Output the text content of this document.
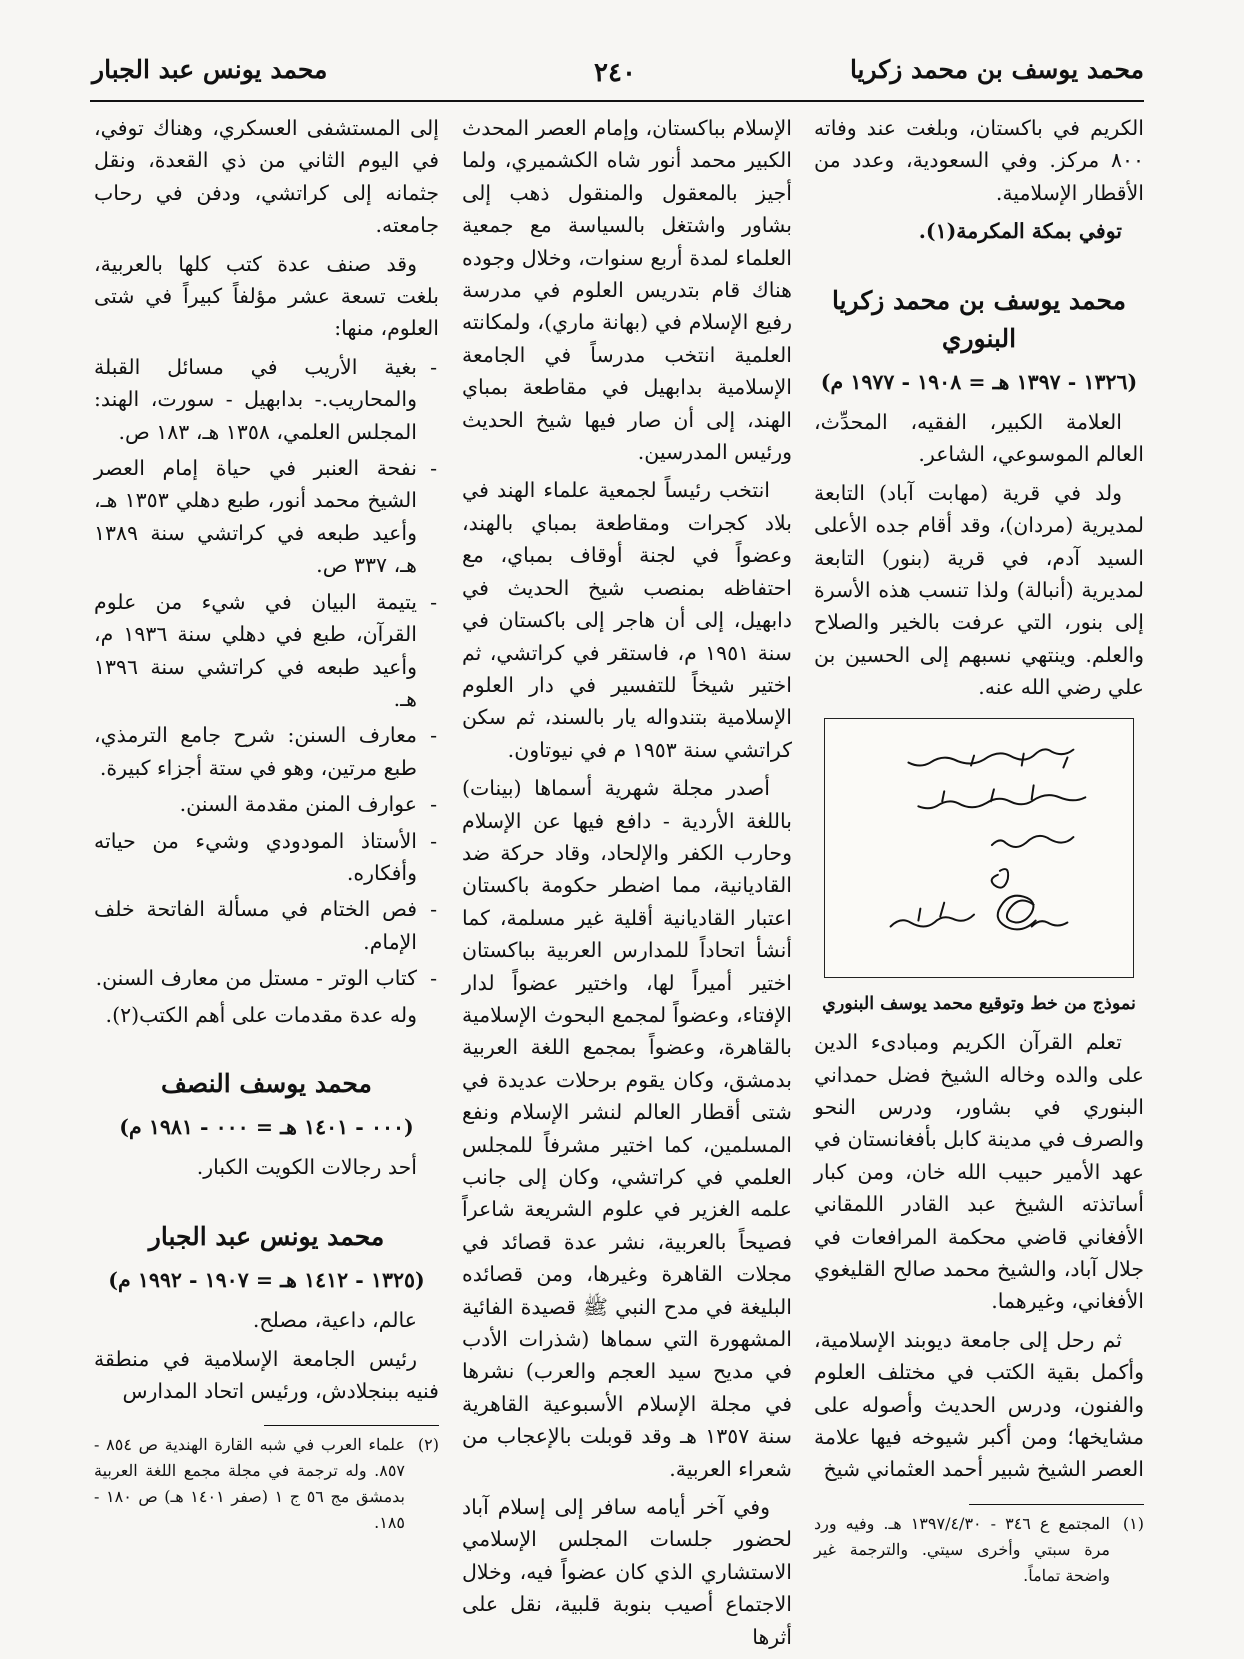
محمد يوسف بن محمد زكريا
٢٤٠
محمد يونس عبد الجبار

الكريم في باكستان، وبلغت عند وفاته ٨٠٠ مركز. وفي السعودية، وعدد من الأقطار الإسلامية.

توفي بمكة المكرمة(١).

محمد يوسف بن محمد زكريا البنوري
(١٣٢٦ - ١٣٩٧ هـ = ١٩٠٨ - ١٩٧٧ م)

العلامة الكبير، الفقيه، المحدِّث، العالم الموسوعي، الشاعر.

ولد في قرية (مهابت آباد) التابعة لمديرية (مردان)، وقد أقام جده الأعلى السيد آدم، في قرية (بنور) التابعة لمديرية (أنبالة) ولذا تنسب هذه الأسرة إلى بنور، التي عرفت بالخير والصلاح والعلم. وينتهي نسبهم إلى الحسين بن علي رضي الله عنه.

نموذج من خط وتوقيع محمد يوسف البنوري

تعلم القرآن الكريم ومبادىء الدين على والده وخاله الشيخ فضل حمداني البنوري في بشاور، ودرس النحو والصرف في مدينة كابل بأفغانستان في عهد الأمير حبيب الله خان، ومن كبار أساتذته الشيخ عبد القادر اللمقاني الأفغاني قاضي محكمة المرافعات في جلال آباد، والشيخ محمد صالح القليغوي الأفغاني، وغيرهما.

ثم رحل إلى جامعة ديوبند الإسلامية، وأكمل بقية الكتب في مختلف العلوم والفنون، ودرس الحديث وأصوله على مشايخها؛ ومن أكبر شيوخه فيها علامة العصر الشيخ شبير أحمد العثماني شيخ

(١)
المجتمع ع ٣٤٦ - ١٣٩٧/٤/٣٠ هـ. وفيه ورد مرة سبتي وأخرى سيتي. والترجمة غير واضحة تماماً.

الإسلام بباكستان، وإمام العصر المحدث الكبير محمد أنور شاه الكشميري، ولما أجيز بالمعقول والمنقول ذهب إلى بشاور واشتغل بالسياسة مع جمعية العلماء لمدة أربع سنوات، وخلال وجوده هناك قام بتدريس العلوم في مدرسة رفيع الإسلام في (بهانة ماري)، ولمكانته العلمية انتخب مدرساً في الجامعة الإسلامية بدابهيل في مقاطعة بمباي الهند، إلى أن صار فيها شيخ الحديث ورئيس المدرسين.

انتخب رئيساً لجمعية علماء الهند في بلاد كجرات ومقاطعة بمباي بالهند، وعضواً في لجنة أوقاف بمباي، مع احتفاظه بمنصب شيخ الحديث في دابهيل، إلى أن هاجر إلى باكستان في سنة ١٩٥١ م، فاستقر في كراتشي، ثم اختير شيخاً للتفسير في دار العلوم الإسلامية بتندواله يار بالسند، ثم سكن كراتشي سنة ١٩٥٣ م في نيوتاون.

أصدر مجلة شهرية أسماها (بينات) باللغة الأردية - دافع فيها عن الإسلام وحارب الكفر والإلحاد، وقاد حركة ضد القاديانية، مما اضطر حكومة باكستان اعتبار القاديانية أقلية غير مسلمة، كما أنشأ اتحاداً للمدارس العربية بباكستان اختير أميراً لها، واختير عضواً لدار الإفتاء، وعضواً لمجمع البحوث الإسلامية بالقاهرة، وعضواً بمجمع اللغة العربية بدمشق، وكان يقوم برحلات عديدة في شتى أقطار العالم لنشر الإسلام ونفع المسلمين، كما اختير مشرفاً للمجلس العلمي في كراتشي، وكان إلى جانب علمه الغزير في علوم الشريعة شاعراً فصيحاً بالعربية، نشر عدة قصائد في مجلات القاهرة وغيرها، ومن قصائده البليغة في مدح النبي ﷺ قصيدة الفائية المشهورة التي سماها (شذرات الأدب في مديح سيد العجم والعرب) نشرها في مجلة الإسلام الأسبوعية القاهرية سنة ١٣٥٧ هـ وقد قوبلت بالإعجاب من شعراء العربية.

وفي آخر أيامه سافر إلى إسلام آباد لحضور جلسات المجلس الإسلامي الاستشاري الذي كان عضواً فيه، وخلال الاجتماع أصيب بنوبة قلبية، نقل على أثرها

إلى المستشفى العسكري، وهناك توفي، في اليوم الثاني من ذي القعدة، ونقل جثمانه إلى كراتشي، ودفن في رحاب جامعته.

وقد صنف عدة كتب كلها بالعربية، بلغت تسعة عشر مؤلفاً كبيراً في شتى العلوم، منها:

- بغية الأريب في مسائل القبلة والمحاريب.- بدابهيل - سورت، الهند: المجلس العلمي، ١٣٥٨ هـ، ١٨٣ ص.
- نفحة العنبر في حياة إمام العصر الشيخ محمد أنور، طبع دهلي ١٣٥٣ هـ، وأعيد طبعه في كراتشي سنة ١٣٨٩ هـ، ٣٣٧ ص.
- يتيمة البيان في شيء من علوم القرآن، طبع في دهلي سنة ١٩٣٦ م، وأعيد طبعه في كراتشي سنة ١٣٩٦ هـ.
- معارف السنن: شرح جامع الترمذي، طبع مرتين، وهو في ستة أجزاء كبيرة.
- عوارف المنن مقدمة السنن.
- الأستاذ المودودي وشيء من حياته وأفكاره.
- فص الختام في مسألة الفاتحة خلف الإمام.
- كتاب الوتر - مستل من معارف السنن.

وله عدة مقدمات على أهم الكتب(٢).

محمد يوسف النصف
(٠٠٠ - ١٤٠١ هـ = ٠٠٠ - ١٩٨١ م)

أحد رجالات الكويت الكبار.

محمد يونس عبد الجبار
(١٣٢٥ - ١٤١٢ هـ = ١٩٠٧ - ١٩٩٢ م)

عالم، داعية، مصلح.

رئيس الجامعة الإسلامية في منطقة فنيه ببنجلادش، ورئيس اتحاد المدارس

(٢)
علماء العرب في شبه القارة الهندية ص ٨٥٤ - ٨٥٧. وله ترجمة في مجلة مجمع اللغة العربية بدمشق مج ٥٦ ج ١ (صفر ١٤٠١ هـ) ص ١٨٠ - ١٨٥.
